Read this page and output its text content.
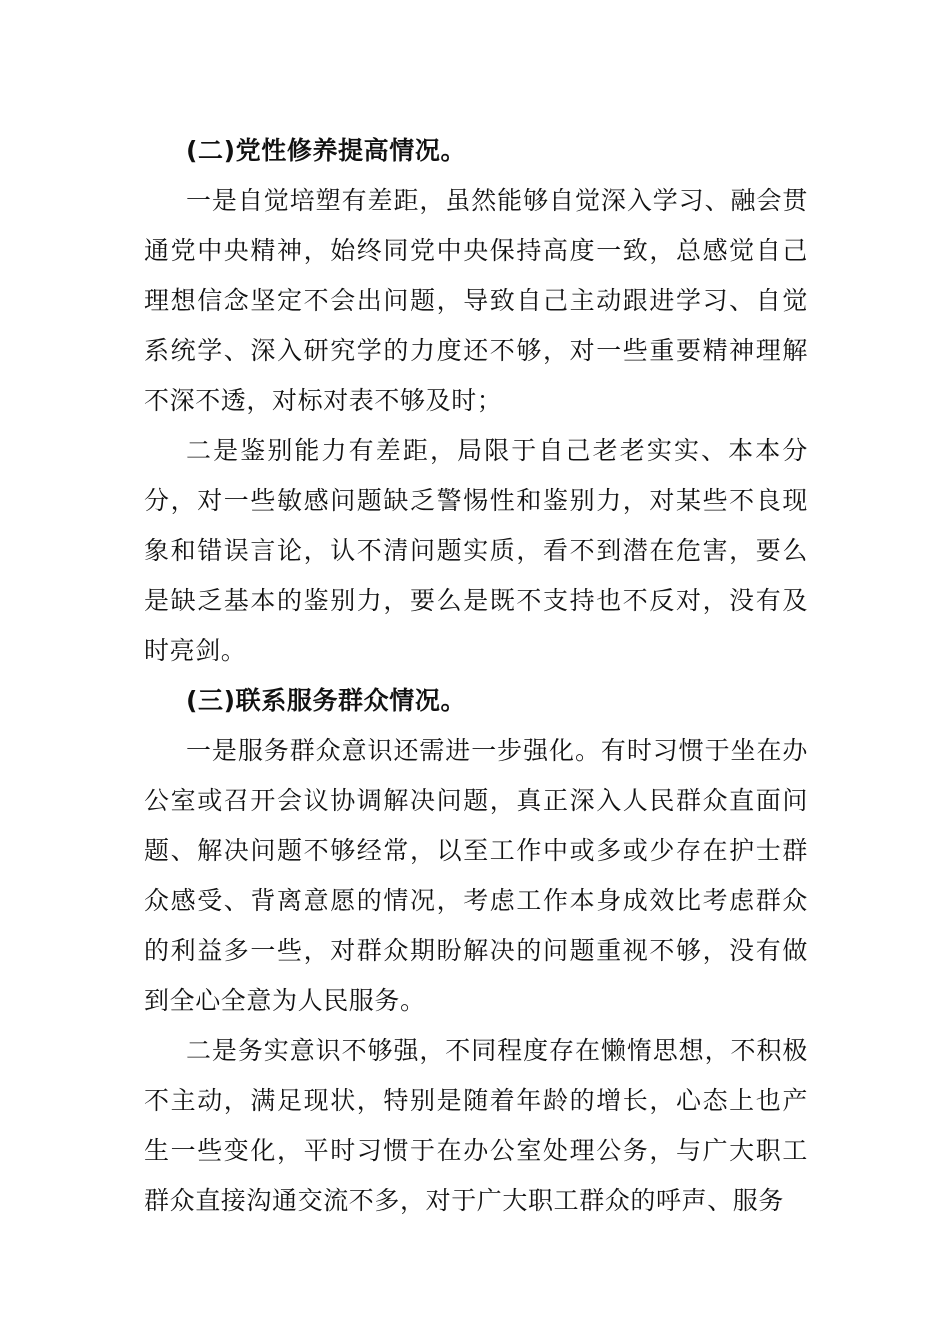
(二)党性修养提高情况。

一是自觉培塑有差距，虽然能够自觉深入学习、融会贯通党中央精神，始终同党中央保持高度一致，总感觉自己理想信念坚定不会出问题，导致自己主动跟进学习、自觉系统学、深入研究学的力度还不够，对一些重要精神理解不深不透，对标对表不够及时；

二是鉴别能力有差距，局限于自己老老实实、本本分分，对一些敏感问题缺乏警惕性和鉴别力，对某些不良现象和错误言论，认不清问题实质，看不到潜在危害，要么是缺乏基本的鉴别力，要么是既不支持也不反对，没有及时亮剑。

(三)联系服务群众情况。

一是服务群众意识还需进一步强化。有时习惯于坐在办公室或召开会议协调解决问题，真正深入人民群众直面问题、解决问题不够经常，以至工作中或多或少存在护士群众感受、背离意愿的情况，考虑工作本身成效比考虑群众的利益多一些，对群众期盼解决的问题重视不够，没有做到全心全意为人民服务。

二是务实意识不够强，不同程度存在懒惰思想，不积极不主动，满足现状，特别是随着年龄的增长，心态上也产生一些变化，平时习惯于在办公室处理公务，与广大职工群众直接沟通交流不多，对于广大职工群众的呼声、服务
